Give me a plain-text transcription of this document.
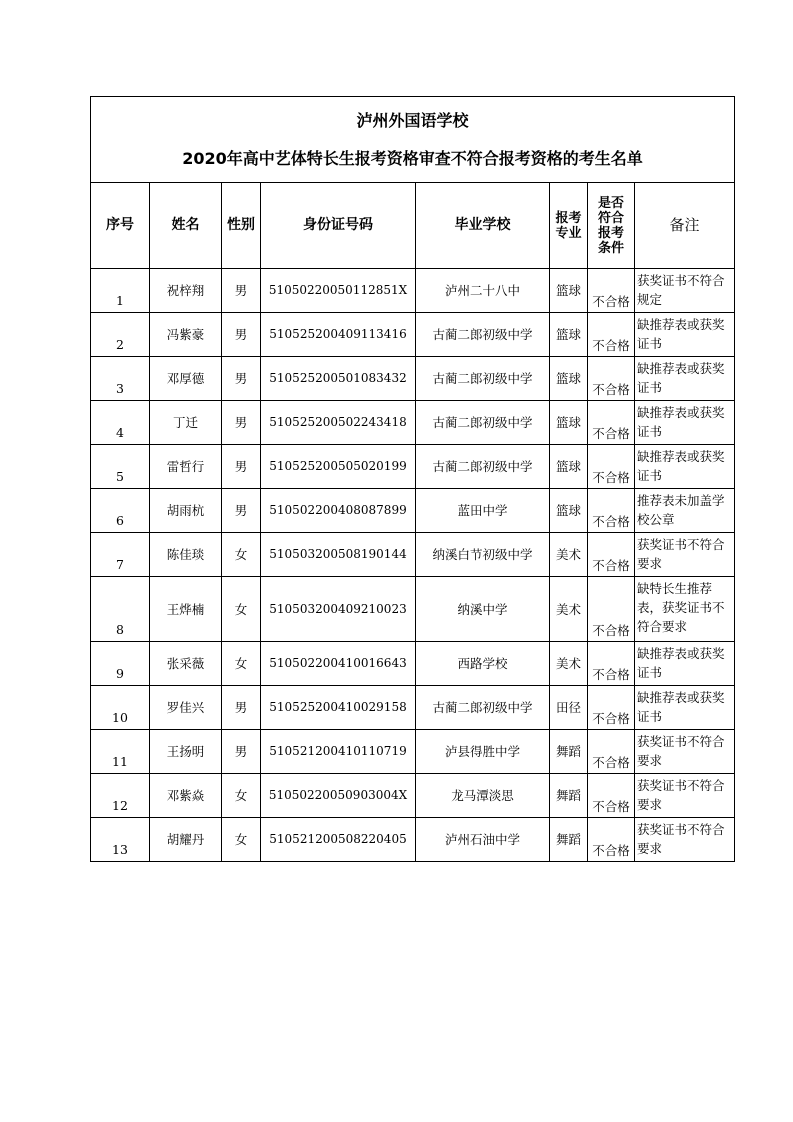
泸州外国语学校
2020年高中艺体特长生报考资格审查不符合报考资格的考生名单							

序号	姓名	性别	身份证号码	毕业学校	报考专业	是否符合报考条件	备注
1	祝梓翔	男	51050220050112851X	泸州二十八中	篮球	不合格	获奖证书不符合规定
2	冯紫豪	男	510525200409113416	古蔺二郎初级中学	篮球	不合格	缺推荐表或获奖证书
3	邓厚德	男	510525200501083432	古蔺二郎初级中学	篮球	不合格	缺推荐表或获奖证书
4	丁迁	男	510525200502243418	古蔺二郎初级中学	篮球	不合格	缺推荐表或获奖证书
5	雷哲行	男	510525200505020199	古蔺二郎初级中学	篮球	不合格	缺推荐表或获奖证书
6	胡雨杭	男	510502200408087899	蓝田中学	篮球	不合格	推荐表未加盖学校公章
7	陈佳琰	女	510503200508190144	纳溪白节初级中学	美术	不合格	获奖证书不符合要求
8	王烨楠	女	510503200409210023	纳溪中学	美术	不合格	缺特长生推荐表，获奖证书不符合要求
9	张采薇	女	510502200410016643	西路学校	美术	不合格	缺推荐表或获奖证书
10	罗佳兴	男	510525200410029158	古蔺二郎初级中学	田径	不合格	缺推荐表或获奖证书
11	王扬明	男	510521200410110719	泸县得胜中学	舞蹈	不合格	获奖证书不符合要求
12	邓紫焱	女	51050220050903004X	龙马潭淡思	舞蹈	不合格	获奖证书不符合要求
13	胡耀丹	女	510521200508220405	泸州石油中学	舞蹈	不合格	获奖证书不符合要求
